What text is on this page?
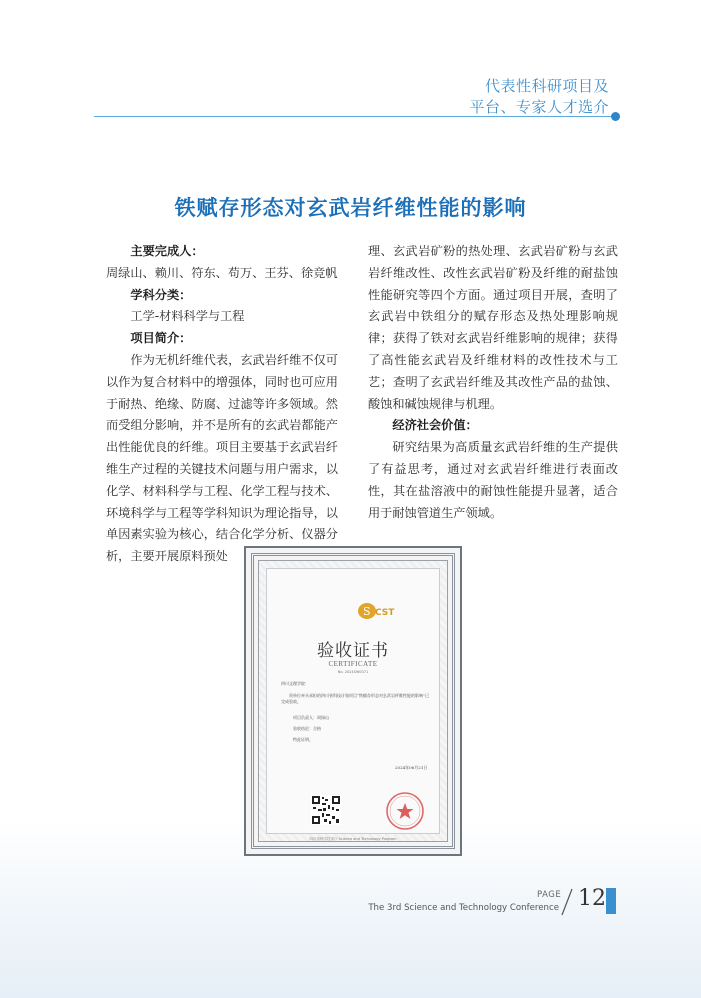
代表性科研项目及
平台、专家人才选介
铁赋存形态对玄武岩纤维性能的影响

主要完成人：

周绿山、赖川、符东、苟万、王芬、徐竞帆

学科分类：

工学-材料科学与工程

项目简介：

作为无机纤维代表，玄武岩纤维不仅可以作为复合材料中的增强体，同时也可应用于耐热、绝缘、防腐、过滤等许多领域。然而受组分影响，并不是所有的玄武岩都能产出性能优良的纤维。项目主要基于玄武岩纤维生产过程的关键技术问题与用户需求，以化学、材料科学与工程、化学工程与技术、环境科学与工程等学科知识为理论指导，以单因素实验为核心，结合化学分析、仪器分析，主要开展原料预处

理、玄武岩矿粉的热处理、玄武岩矿粉与玄武岩纤维改性、改性玄武岩矿粉及纤维的耐盐蚀性能研究等四个方面。通过项目开展，查明了玄武岩中铁组分的赋存形态及热处理影响规律；获得了铁对玄武岩纤维影响的规律；获得了高性能玄武岩及纤维材料的改性技术与工艺；查明了玄武岩纤维及其改性产品的盐蚀、酸蚀和碱蚀规律与机理。

经济社会价值：

研究结果为高质量玄武岩纤维的生产提供了有益思考，通过对玄武岩纤维进行表面改性，其在盐溶液中的耐蚀性能提升显著，适合用于耐蚀管道生产领域。

S CST
验收证书
CERTIFICATE
No. 2024SW0071
四川文理学院：
贵单位牵头承担的四川省科技计划项目“铁赋存形态对玄武岩纤维性能的影响”已完成验收。
项目负责人：周绿山
验收结论：合格
特此证明。
2024年06月21日
四川省科学技术厅 Science and Technology Program
PAGE
The 3rd Science and Technology Conference 12
